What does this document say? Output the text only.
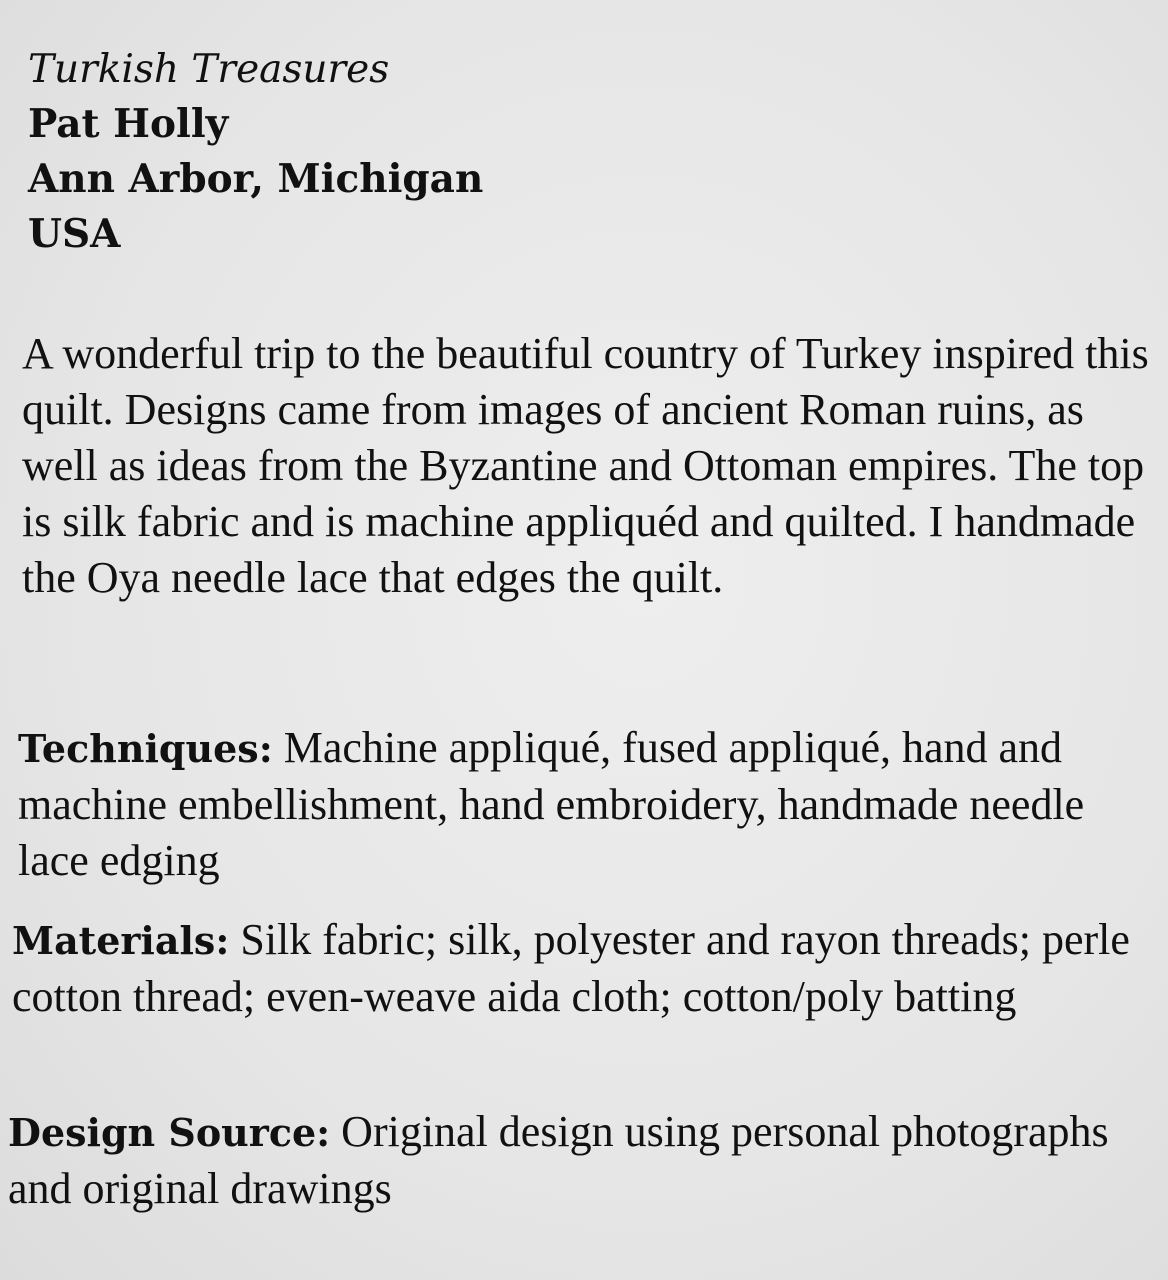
Turkish Treasures
Pat Holly
Ann Arbor, Michigan
USA
A wonderful trip to the beautiful country of Turkey inspired this quilt. Designs came from images of ancient Roman ruins, as well as ideas from the Byzantine and Ottoman empires. The top is silk fabric and is machine appliquéd and quilted. I handmade the Oya needle lace that edges the quilt.
Techniques: Machine appliqué, fused appliqué, hand and machine embellishment, hand embroidery, handmade needle lace edging
Materials: Silk fabric; silk, polyester and rayon threads; perle cotton thread; even-weave aida cloth; cotton/poly batting
Design Source: Original design using personal photographs and original drawings
